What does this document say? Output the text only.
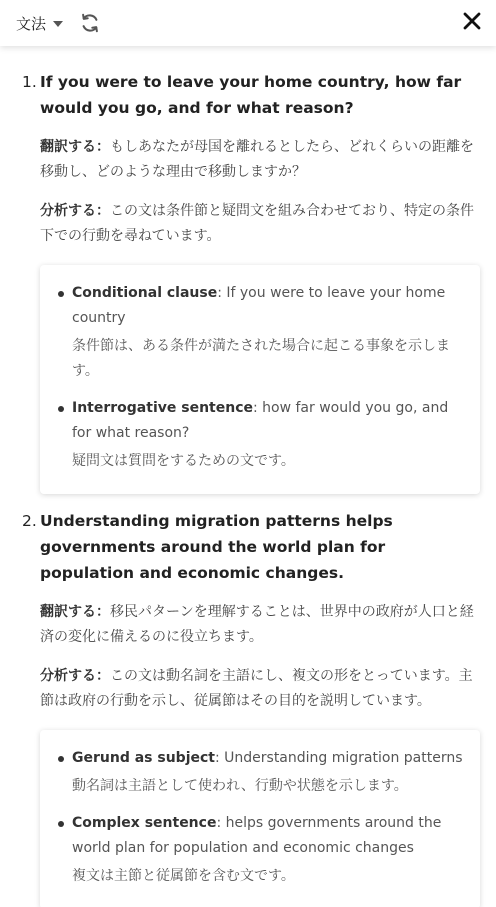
文法
1. If you were to leave your home country, how far would you go, and for what reason?
翻訳する：もしあなたが母国を離れるとしたら、どれくらいの距離を移動し、どのような理由で移動しますか？
分析する：この文は条件節と疑問文を組み合わせており、特定の条件下での行動を尋ねています。
Conditional clause: If you were to leave your home country
条件節は、ある条件が満たされた場合に起こる事象を示します。
Interrogative sentence: how far would you go, and for what reason?
疑問文は質問をするための文です。
2. Understanding migration patterns helps governments around the world plan for population and economic changes.
翻訳する：移民パターンを理解することは、世界中の政府が人口と経済の変化に備えるのに役立ちます。
分析する：この文は動名詞を主語にし、複文の形をとっています。主節は政府の行動を示し、従属節はその目的を説明しています。
Gerund as subject: Understanding migration patterns
動名詞は主語として使われ、行動や状態を示します。
Complex sentence: helps governments around the world plan for population and economic changes
複文は主節と従属節を含む文です。
